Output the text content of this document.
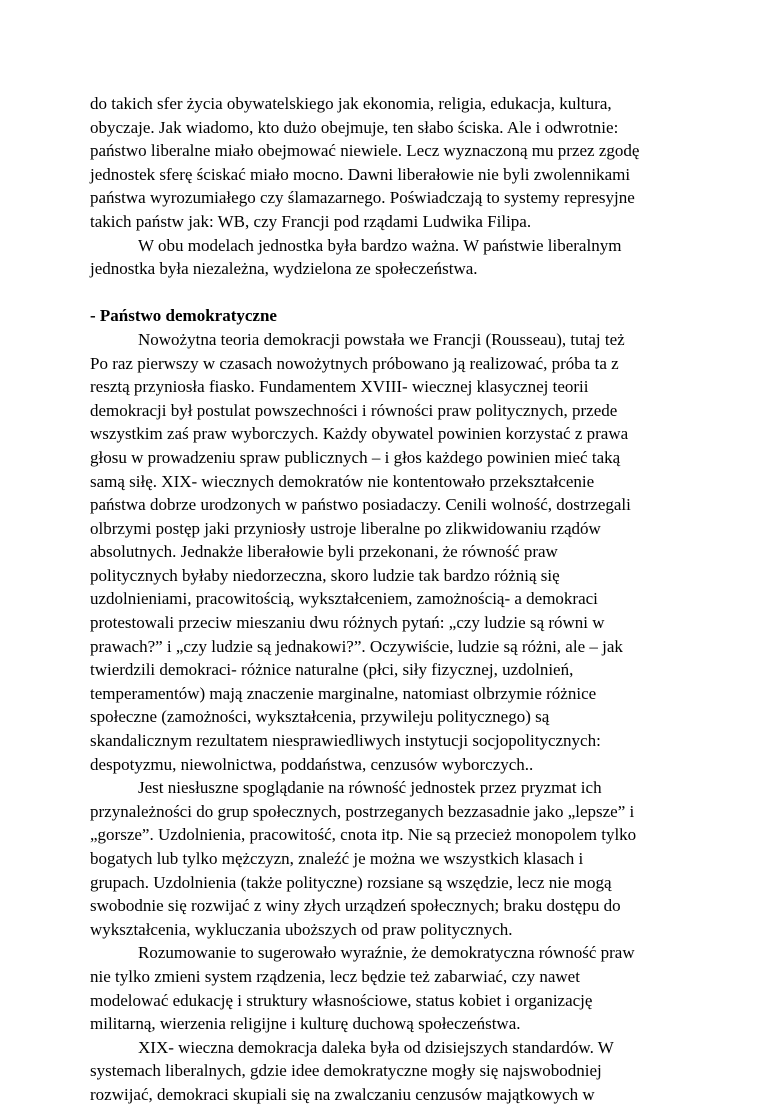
do takich sfer życia obywatelskiego jak ekonomia, religia, edukacja, kultura,
obyczaje. Jak wiadomo, kto dużo obejmuje, ten słabo ściska. Ale i odwrotnie:
państwo liberalne miało obejmować niewiele. Lecz wyznaczoną mu przez zgodę
jednostek sferę ściskać miało mocno. Dawni liberałowie nie byli zwolennikami
państwa wyrozumiałego czy ślamazarnego. Poświadczają to systemy represyjne
takich państw jak: WB, czy Francji pod rządami Ludwika Filipa.
W obu modelach jednostka była bardzo ważna. W państwie liberalnym
jednostka była niezależna, wydzielona ze społeczeństwa.
- Państwo demokratyczne
Nowożytna teoria demokracji powstała we Francji (Rousseau), tutaj też
Po raz pierwszy w czasach nowożytnych próbowano ją realizować, próba ta z
resztą przyniosła fiasko. Fundamentem XVIII- wiecznej klasycznej teorii
demokracji był postulat powszechności i równości praw politycznych, przede
wszystkim zaś praw wyborczych. Każdy obywatel powinien korzystać z prawa
głosu w prowadzeniu spraw publicznych – i głos każdego powinien mieć taką
samą siłę. XIX- wiecznych demokratów nie kontentowało przekształcenie
państwa dobrze urodzonych w państwo posiadaczy. Cenili wolność, dostrzegali
olbrzymi postęp jaki przyniosły ustroje liberalne po zlikwidowaniu rządów
absolutnych. Jednakże liberałowie byli przekonani, że równość praw
politycznych byłaby niedorzeczna, skoro ludzie tak bardzo różnią się
uzdolnieniami, pracowitością, wykształceniem, zamożnością- a demokraci
protestowali przeciw mieszaniu dwu różnych pytań: „czy ludzie są równi w
prawach?” i „czy ludzie są jednakowi?”. Oczywiście, ludzie są różni, ale – jak
twierdzili demokraci- różnice naturalne (płci, siły fizycznej, uzdolnień,
temperamentów) mają znaczenie marginalne, natomiast olbrzymie różnice
społeczne (zamożności, wykształcenia, przywileju politycznego) są
skandalicznym rezultatem niesprawiedliwych instytucji socjopolitycznych:
despotyzmu, niewolnictwa, poddaństwa, cenzusów wyborczych..
Jest niesłuszne spoglądanie na równość jednostek przez pryzmat ich
przynależności do grup społecznych, postrzeganych bezzasadnie jako „lepsze” i
„gorsze”. Uzdolnienia, pracowitość, cnota itp. Nie są przecież monopolem tylko
bogatych lub tylko mężczyzn, znaleźć je można we wszystkich klasach i
grupach. Uzdolnienia (także polityczne) rozsiane są wszędzie, lecz nie mogą
swobodnie się rozwijać z winy złych urządzeń społecznych; braku dostępu do
wykształcenia, wykluczania uboższych od praw politycznych.
Rozumowanie to sugerowało wyraźnie, że demokratyczna równość praw
nie tylko zmieni system rządzenia, lecz będzie też zabarwiać, czy nawet
modelować edukację i struktury własnościowe, status kobiet i organizację
militarną, wierzenia religijne i kulturę duchową społeczeństwa.
XIX- wieczna demokracja daleka była od dzisiejszych standardów. W
systemach liberalnych, gdzie idee demokratyczne mogły się najswobodniej
rozwijać, demokraci skupiali się na zwalczaniu cenzusów majątkowych w
